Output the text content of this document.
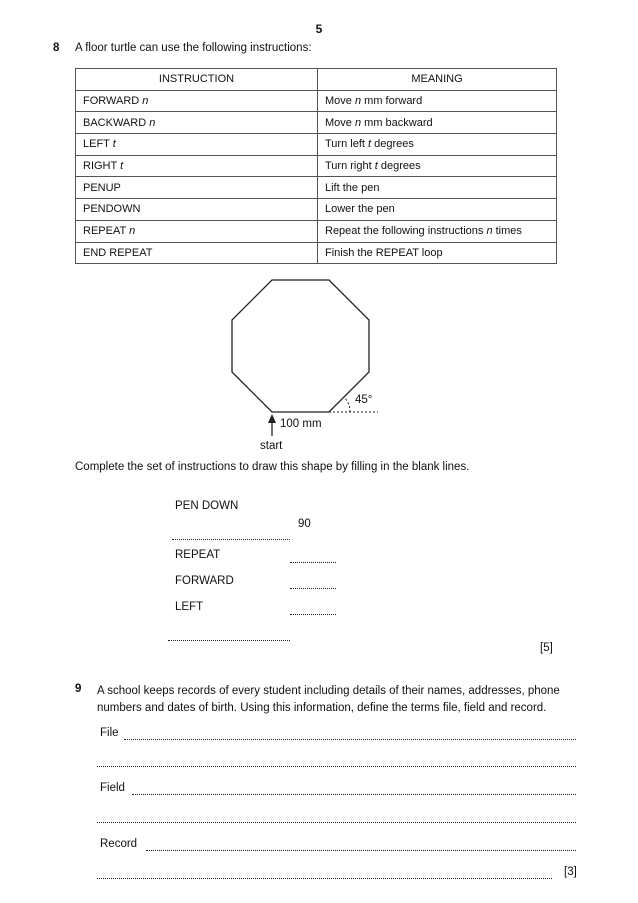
5
8 A floor turtle can use the following instructions:
INSTRUCTION	MEANING
FORWARD n	Move n mm forward
BACKWARD n	Move n mm backward
LEFT t	Turn left t degrees
RIGHT t	Turn right t degrees
PENUP	Lift the pen
PENDOWN	Lower the pen
REPEAT n	Repeat the following instructions n times
END REPEAT	Finish the REPEAT loop
45°
100 mm
start
Complete the set of instructions to draw this shape by filling in the blank lines.
PEN DOWN
90
REPEAT
FORWARD
LEFT
[5]
9 A school keeps records of every student including details of their names, addresses, phone numbers and dates of birth. Using this information, define the terms file, field and record.
File
Field
Record
[3]
